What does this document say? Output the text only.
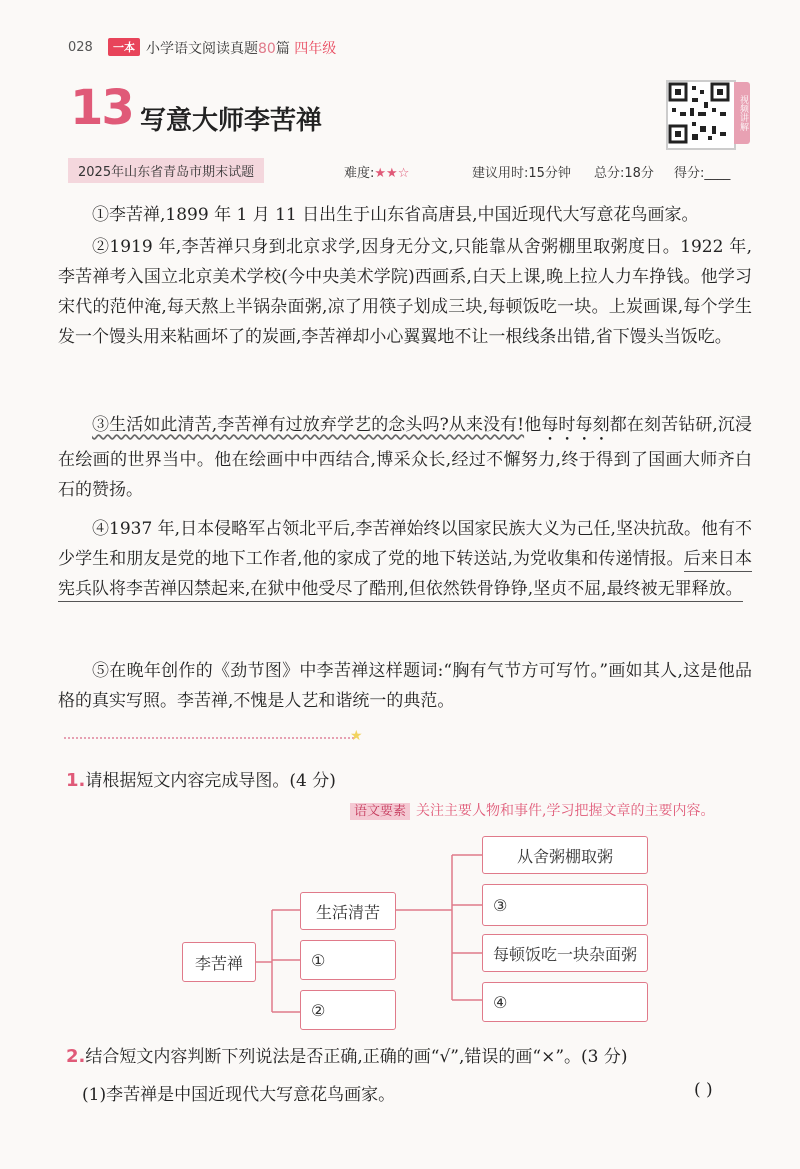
028	一本 小学语文阅读真题80篇 四年级
13 写意大师李苦禅	视频讲解
2025年山东省青岛市期末试题	难度:★★☆	建议用时:15分钟 总分:18分 得分:____
①李苦禅,1899 年 1 月 11 日出生于山东省高唐县,中国近现代大写意花鸟画家。
②1919 年,李苦禅只身到北京求学,因身无分文,只能靠从舍粥棚里取粥度日。1922 年,李苦禅考入国立北京美术学校(今中央美术学院)西画系,白天上课,晚上拉人力车挣钱。他学习宋代的范仲淹,每天熬上半锅杂面粥,凉了用筷子划成三块,每顿饭吃一块。上炭画课,每个学生发一个馒头用来粘画坏了的炭画,李苦禅却小心翼翼地不让一根线条出错,省下馒头当饭吃。
③生活如此清苦,李苦禅有过放弃学艺的念头吗?从来没有!他每时每刻都在刻苦钻研,沉浸在绘画的世界当中。他在绘画中中西结合,博采众长,经过不懈努力,终于得到了国画大师齐白石的赞扬。
④1937 年,日本侵略军占领北平后,李苦禅始终以国家民族大义为己任,坚决抗敌。他有不少学生和朋友是党的地下工作者,他的家成了党的地下转送站,为党收集和传递情报。后来日本宪兵队将李苦禅囚禁起来,在狱中他受尽了酷刑,但依然铁骨铮铮,坚贞不屈,最终被无罪释放。
⑤在晚年创作的《劲节图》中李苦禅这样题词:“胸有气节方可写竹。”画如其人,这是他品格的真实写照。李苦禅,不愧是人艺和谐统一的典范。
★
1.请根据短文内容完成导图。(4 分)
语文要素 关注主要人物和事件,学习把握文章的主要内容。
李苦禅
生活清苦
①
②
从舍粥棚取粥
③
每顿饭吃一块杂面粥
④
2.结合短文内容判断下列说法是否正确,正确的画“√”,错误的画“×”。(3 分)
(1)李苦禅是中国近现代大写意花鸟画家。	( )
